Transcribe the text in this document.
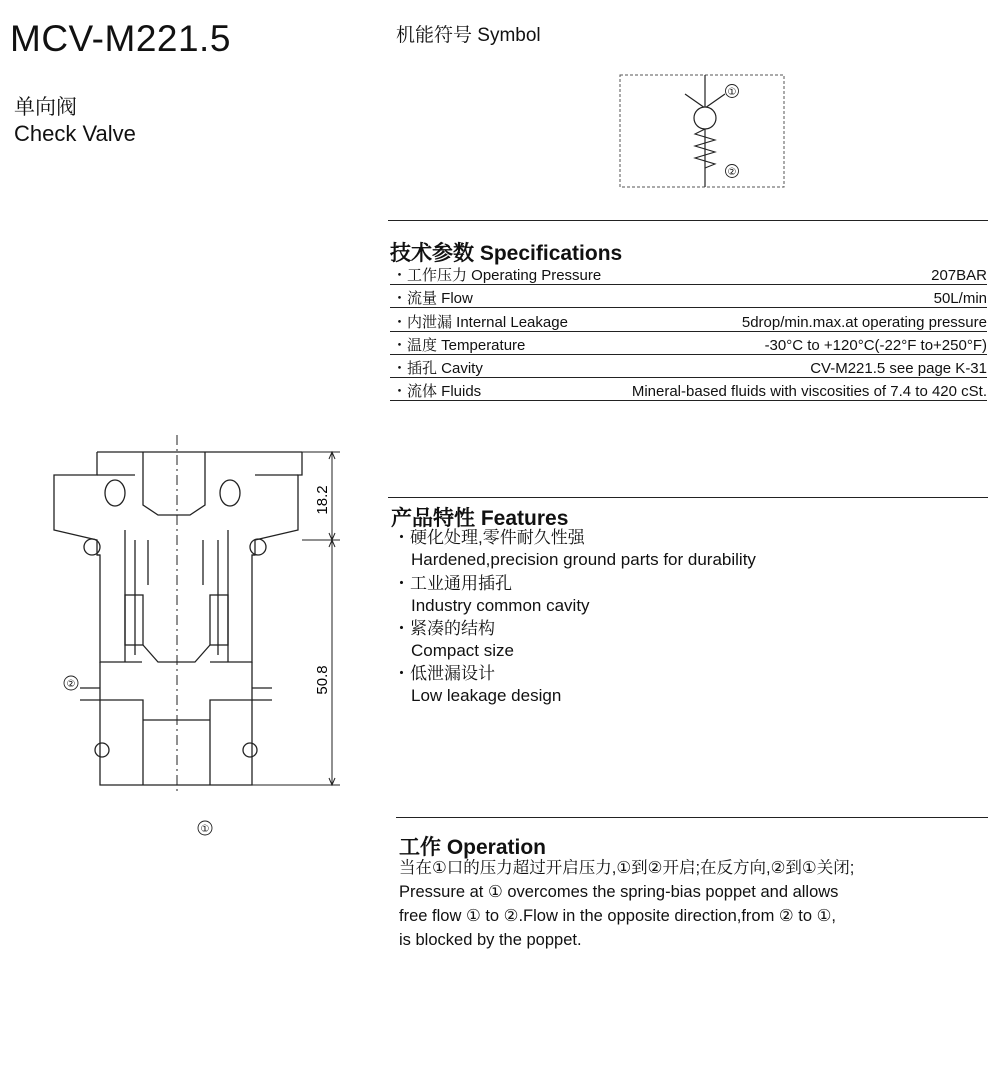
MCV-M221.5
单向阀
Check Valve
机能符号 Symbol
①
②
技术参数 Specifications
・工作压力 Operating Pressure	207BAR
・流量 Flow	50L/min
・内泄漏 Internal Leakage	5drop/min.max.at operating pressure
・温度 Temperature	-30°C to +120°C(-22°F to+250°F)
・插孔 Cavity	CV-M221.5 see page K-31
・流体 Fluids	Mineral-based fluids with viscosities of 7.4 to 420 cSt.
产品特性 Features
・硬化处理,零件耐久性强
Hardened,precision ground parts for durability
・工业通用插孔
Industry common cavity
・紧凑的结构
Compact size
・低泄漏设计
Low leakage design
工作 Operation
当在①口的压力超过开启压力,①到②开启;在反方向,②到①关闭;
Pressure at ① overcomes the spring-bias poppet and allows
free flow ① to ②.Flow in the opposite direction,from ② to ①,
is blocked by the poppet.
18.2
50.8
②
①
